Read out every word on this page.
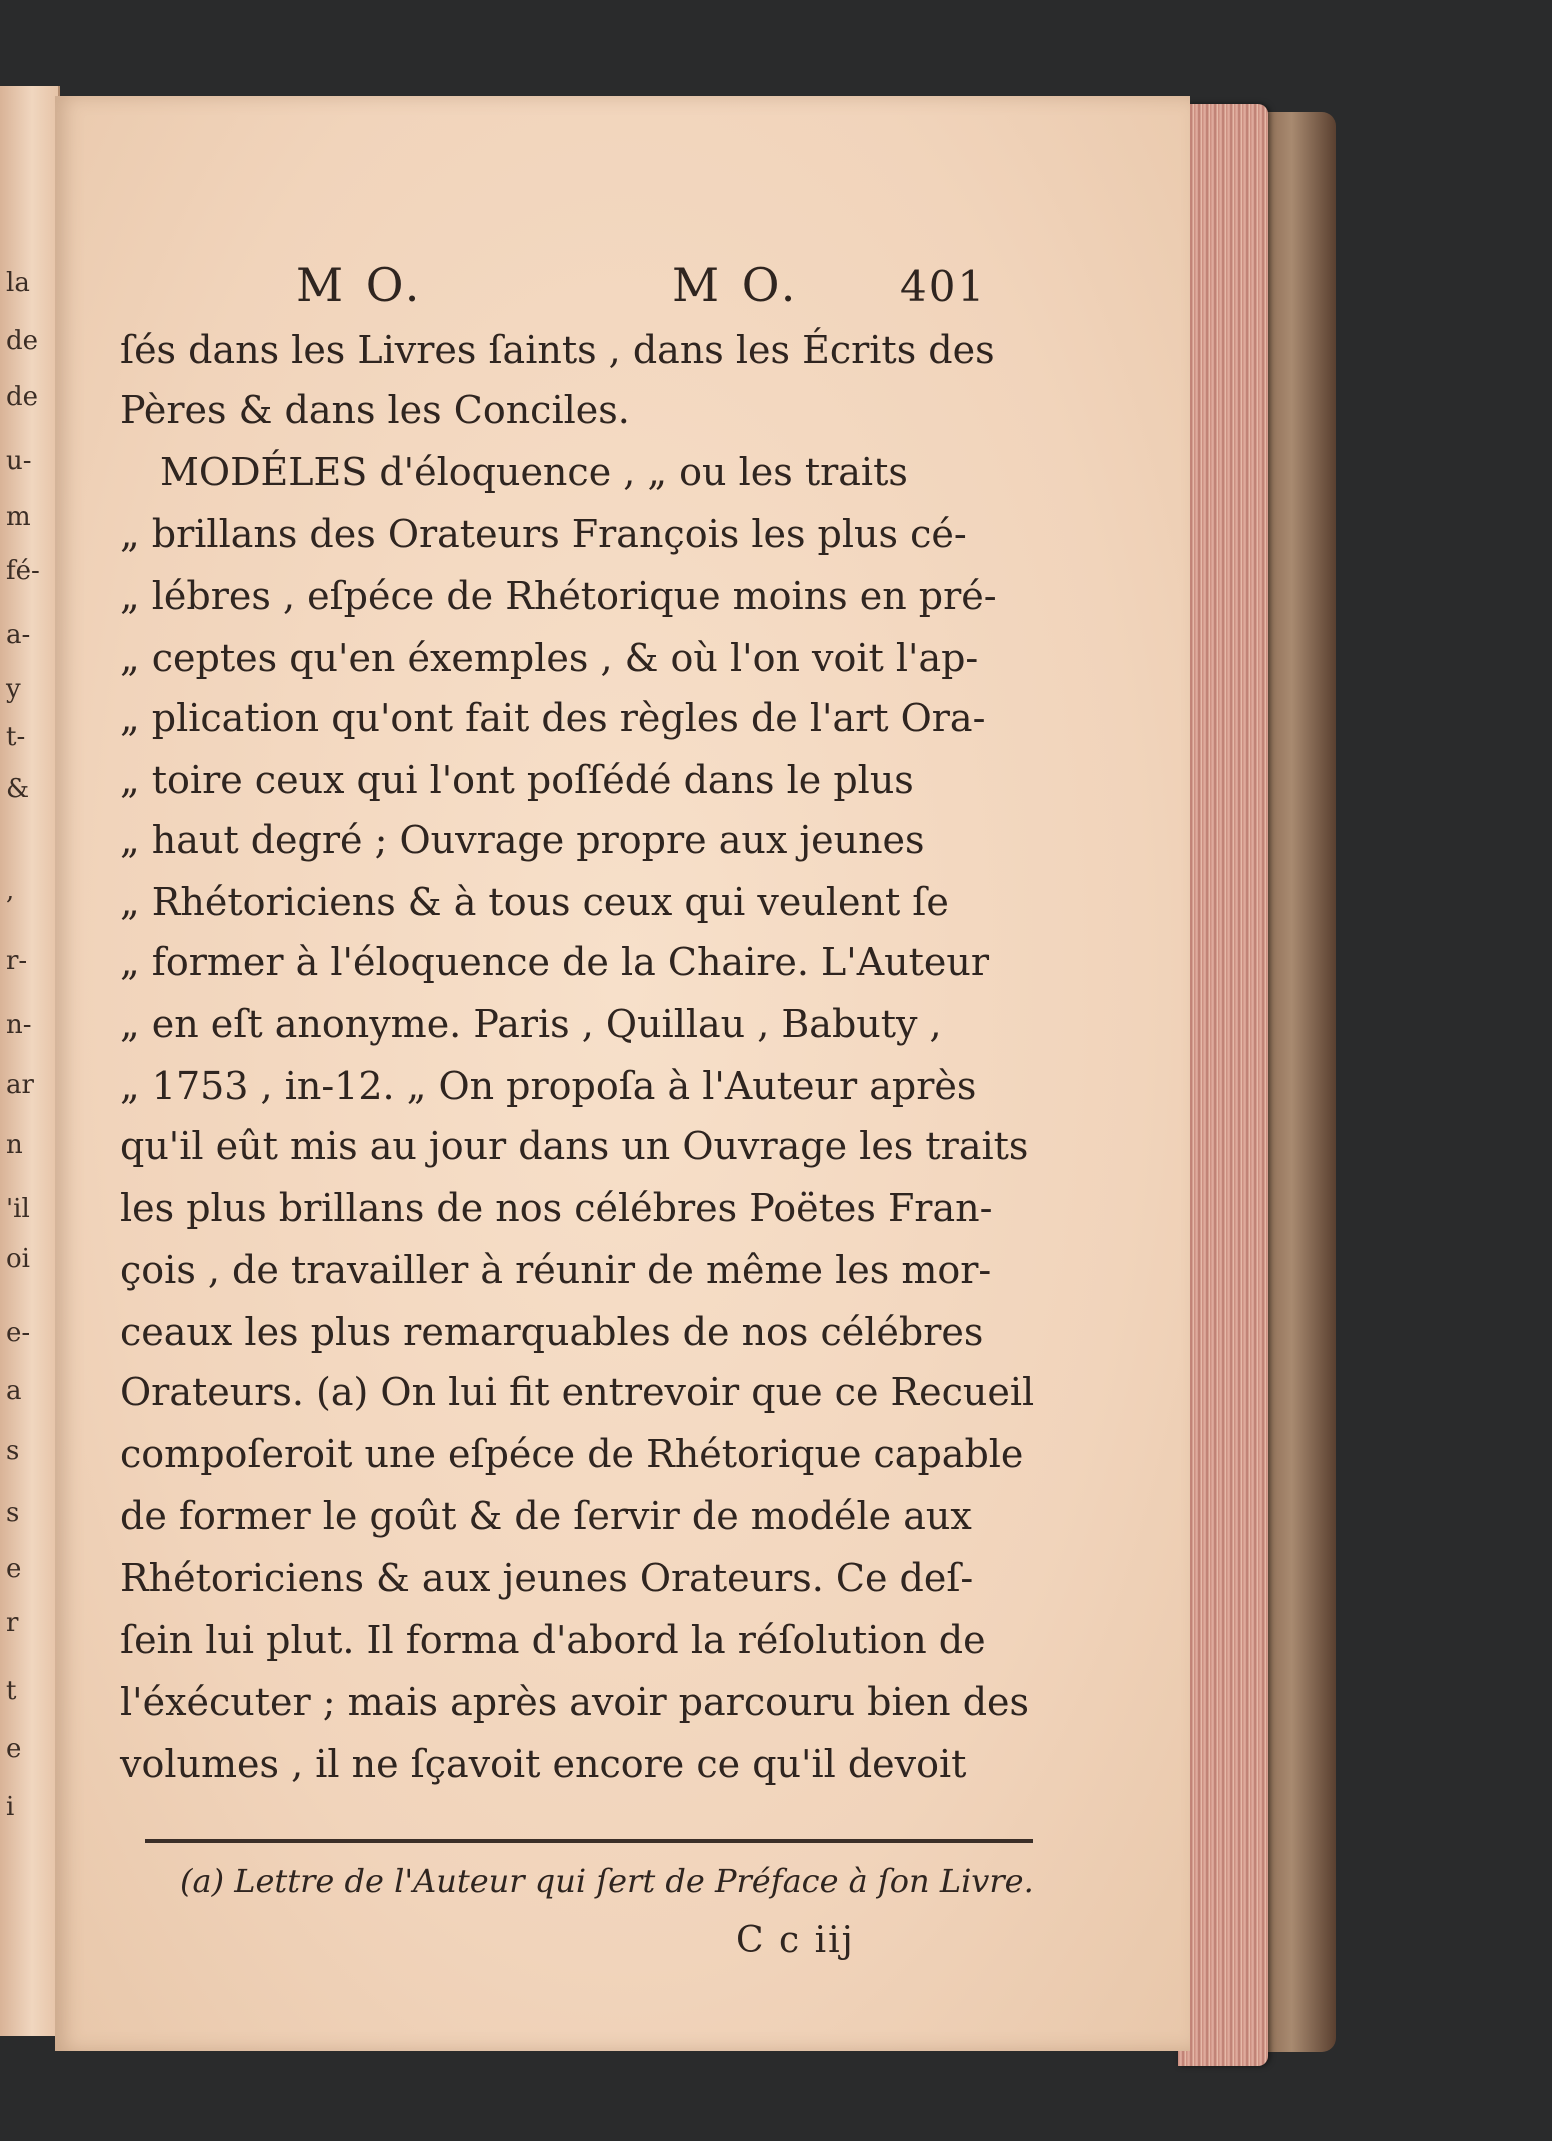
la
de
de
u-
m
fé-
a-
y
t-
&
,
r-
n-
ar
n
'il
oi
e-
a
s
s
e
r
t
e
i
M O.	M O. 401
ſés dans les Livres ſaints , dans les Écrits des
Pères & dans les Conciles.
MODÉLES d'éloquence , „ ou les traits
„ brillans des Orateurs François les plus cé-
„ lébres , eſpéce de Rhétorique moins en pré-
„ ceptes qu'en éxemples , & où l'on voit l'ap-
„ plication qu'ont fait des règles de l'art Ora-
„ toire ceux qui l'ont poſſédé dans le plus
„ haut degré ; Ouvrage propre aux jeunes
„ Rhétoriciens & à tous ceux qui veulent ſe
„ former à l'éloquence de la Chaire. L'Auteur
„ en eſt anonyme. Paris , Quillau , Babuty ,
„ 1753 , in-12. „ On propoſa à l'Auteur après
qu'il eût mis au jour dans un Ouvrage les traits
les plus brillans de nos célébres Poëtes Fran-
çois , de travailler à réunir de même les mor-
ceaux les plus remarquables de nos célébres
Orateurs. (a) On lui fit entrevoir que ce Recueil
compoſeroit une eſpéce de Rhétorique capable
de former le goût & de ſervir de modéle aux
Rhétoriciens & aux jeunes Orateurs. Ce deſ-
ſein lui plut. Il forma d'abord la réſolution de
l'éxécuter ; mais après avoir parcouru bien des
volumes , il ne ſçavoit encore ce qu'il devoit
(a) Lettre de l'Auteur qui ſert de Préface à ſon Livre.
C c iij
